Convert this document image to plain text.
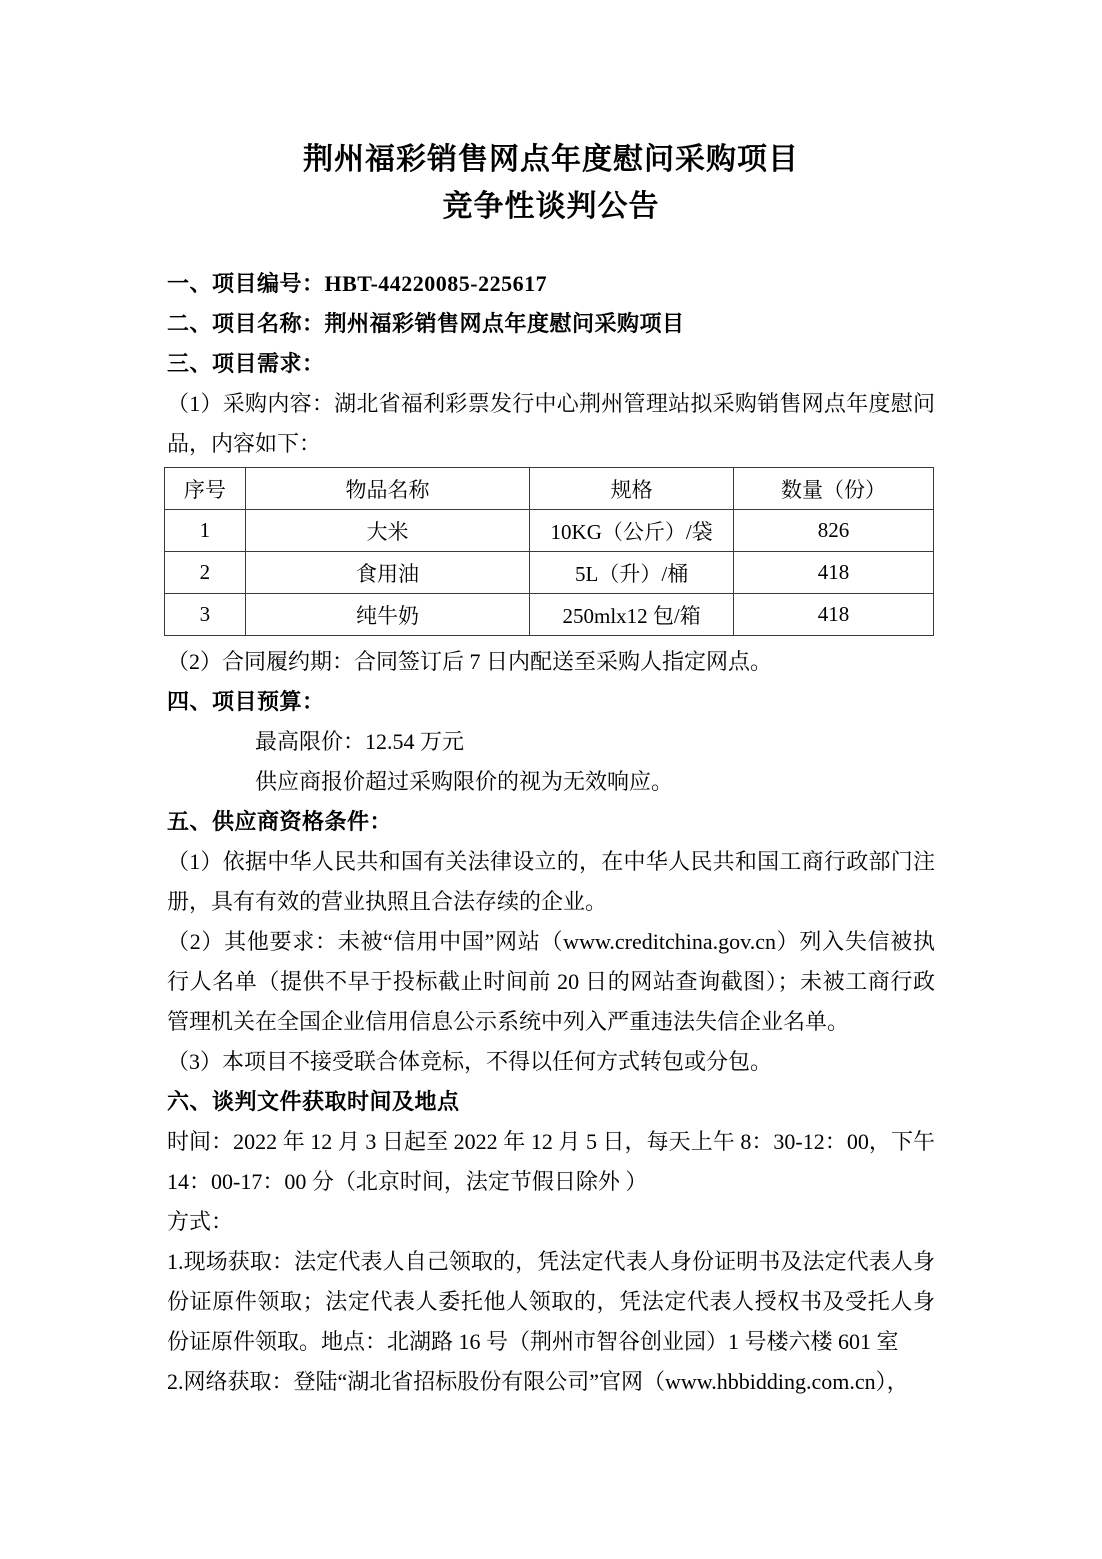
荆州福彩销售网点年度慰问采购项目
竞争性谈判公告
一、项目编号：HBT-44220085-225617
二、项目名称：荆州福彩销售网点年度慰问采购项目
三、项目需求：
（1）采购内容：湖北省福利彩票发行中心荆州管理站拟采购销售网点年度慰问品，内容如下：
序号	物品名称	规格	数量（份）
1	大米	10KG（公斤）/袋	826
2	食用油	5L（升）/桶	418
3	纯牛奶	250mlx12 包/箱	418
（2）合同履约期：合同签订后 7 日内配送至采购人指定网点。
四、项目预算：
最高限价：12.54 万元
供应商报价超过采购限价的视为无效响应。
五、供应商资格条件：
（1）依据中华人民共和国有关法律设立的，在中华人民共和国工商行政部门注册，具有有效的营业执照且合法存续的企业。
（2）其他要求：未被“信用中国”网站（www.creditchina.gov.cn）列入失信被执行人名单（提供不早于投标截止时间前 20 日的网站查询截图）；未被工商行政管理机关在全国企业信用信息公示系统中列入严重违法失信企业名单。
（3）本项目不接受联合体竞标，不得以任何方式转包或分包。
六、谈判文件获取时间及地点
时间：2022 年 12 月 3 日起至 2022 年 12 月 5 日，每天上午 8：30-12：00，下午 14：00-17：00 分（北京时间，法定节假日除外 ）
方式：
1.现场获取：法定代表人自己领取的，凭法定代表人身份证明书及法定代表人身份证原件领取；法定代表人委托他人领取的，凭法定代表人授权书及受托人身份证原件领取。地点：北湖路 16 号（荆州市智谷创业园）1 号楼六楼 601 室
2.网络获取：登陆“湖北省招标股份有限公司”官网（www.hbbidding.com.cn），
